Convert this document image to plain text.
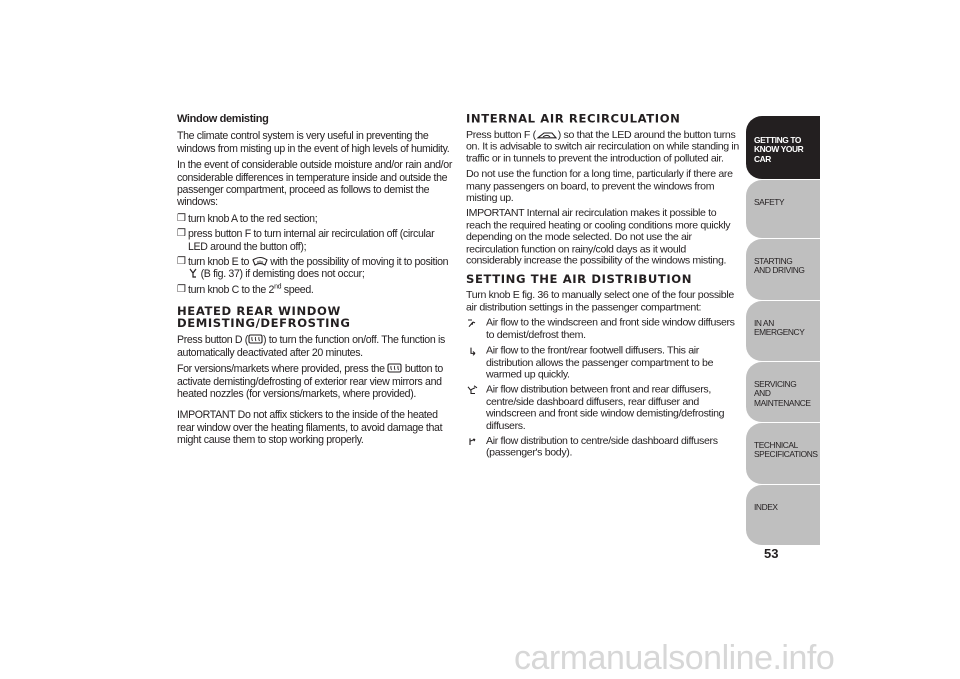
Window demisting

The climate control system is very useful in preventing the windows from misting up in the event of high levels of humidity.

In the event of considerable outside moisture and/or rain and/or considerable differences in temperature inside and outside the passenger compartment, proceed as follows to demist the windows:

❒ turn knob A to the red section;
❒ press button F to turn internal air recirculation off (circular LED around the button off);
❒ turn knob E to with the possibility of moving it to position  (B fig. 37) if demisting does not occur;
❒ turn knob C to the 2nd speed.
HEATED REAR WINDOW
DEMISTING/DEFROSTING

Press button D ( ) to turn the function on/off. The function is automatically deactivated after 20 minutes.

For versions/markets where provided, press the button to activate demisting/defrosting of exterior rear view mirrors and heated nozzles (for versions/markets, where provided).

IMPORTANT Do not affix stickers to the inside of the heated rear window over the heating filaments, to avoid damage that might cause them to stop working properly.

INTERNAL AIR RECIRCULATION

Press button F ( ) so that the LED around the button turns on. It is advisable to switch air recirculation on while standing in traffic or in tunnels to prevent the introduction of polluted air.

Do not use the function for a long time, particularly if there are many passengers on board, to prevent the windows from misting up.

IMPORTANT Internal air recirculation makes it possible to reach the required heating or cooling conditions more quickly depending on the mode selected. Do not use the air recirculation function on rainy/cold days as it would considerably increase the possibility of the windows misting.

SETTING THE AIR DISTRIBUTION

Turn knob E fig. 36 to manually select one of the four possible air distribution settings in the passenger compartment:

Air flow to the windscreen and front side window diffusers to demist/defrost them.
Air flow to the front/rear footwell diffusers. This air distribution allows the passenger compartment to be warmed up quickly.
Air flow distribution between front and rear diffusers, centre/side dashboard diffusers, rear diffuser and windscreen and front side window demisting/defrosting diffusers.
Air flow distribution to centre/side dashboard diffusers (passenger's body).
GETTING TO KNOW YOUR CAR
SAFETY
STARTING AND DRIVING
IN AN EMERGENCY
SERVICING AND MAINTENANCE
TECHNICAL SPECIFICATIONS
INDEX
53
carmanualsonline.info
